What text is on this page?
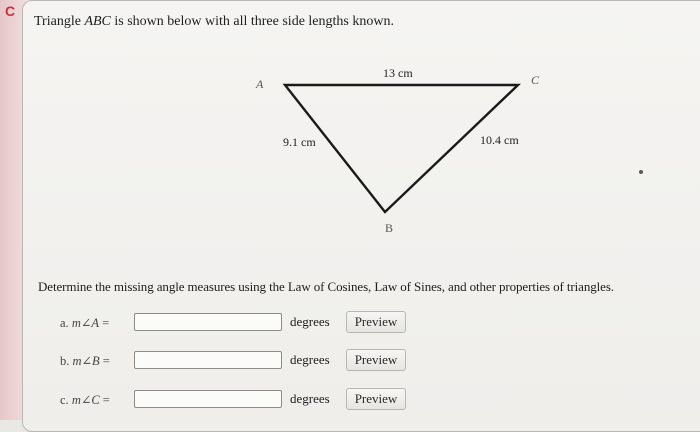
C
Triangle ABC is shown below with all three side lengths known.
A	C
B
13 cm
9.1 cm	10.4 cm
Determine the missing angle measures using the Law of Cosines, Law of Sines, and other properties of triangles.
a. m∠A =	degrees	Preview
b. m∠B =	degrees	Preview
c. m∠C =	degrees	Preview
